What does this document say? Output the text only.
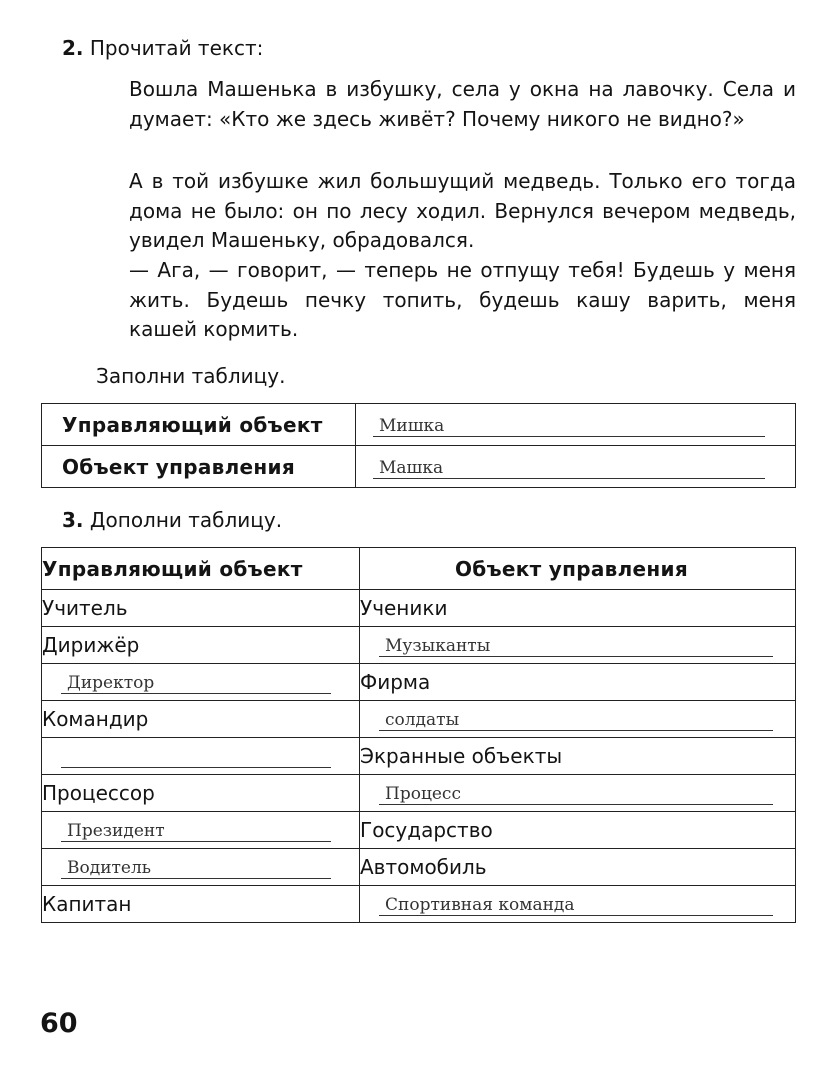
2. Прочитай текст:
Вошла Машенька в избушку, села у окна на лавочку. Села и думает: «Кто же здесь живёт? Почему никого не видно?»
А в той избушке жил большущий медведь. Только его тогда дома не было: он по лесу ходил. Вернулся вечером медведь, увидел Машеньку, обрадовался.
— Ага, — говорит, — теперь не отпущу тебя! Будешь у меня жить. Будешь печку топить, будешь кашу варить, меня кашей кормить.
Заполни таблицу.
Управляющий объект	Мишка
Объект управления	Машка
3. Дополни таблицу.
Управляющий объект	Объект управления
Учитель	Ученики
Дирижёр	Музыканты
Директор	Фирма
Командир	солдаты
	Экранные объекты
Процессор	Процесс
Президент	Государство
Водитель	Автомобиль
Капитан	Спортивная команда
60
